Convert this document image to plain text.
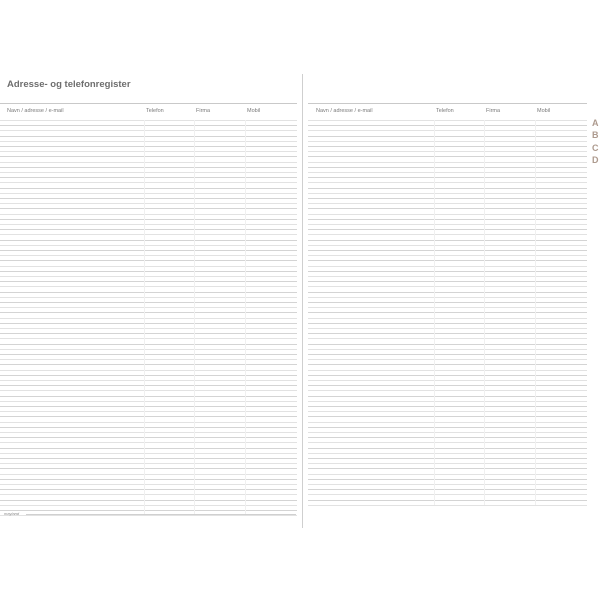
Adresse- og telefonregister
Navn / adresse / e-mail	Telefon	Firma	Mobil	Navn / adresse / e-mail	Telefon	Firma	Mobil
A
B
C
D
mayland
